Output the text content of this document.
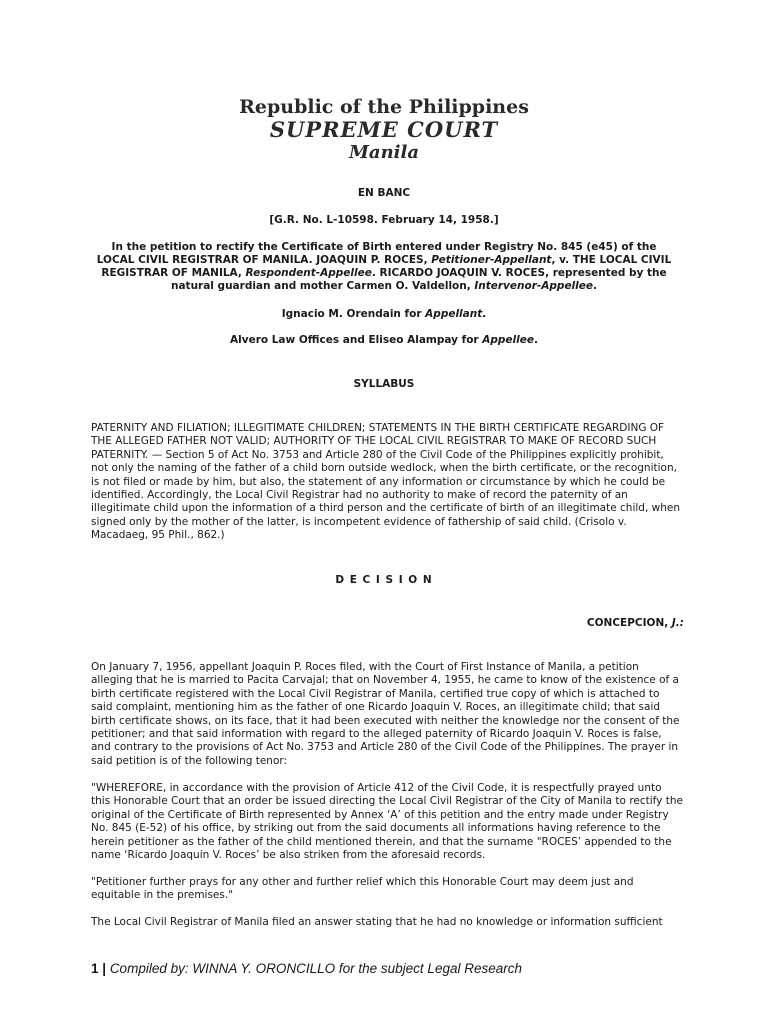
Republic of the Philippines
SUPREME COURT
Manila
EN BANC
[G.R. No. L-10598. February 14, 1958.]
In the petition to rectify the Certificate of Birth entered under Registry No. 845 (e45) of the LOCAL CIVIL REGISTRAR OF MANILA. JOAQUIN P. ROCES, Petitioner-Appellant, v. THE LOCAL CIVIL REGISTRAR OF MANILA, Respondent-Appellee. RICARDO JOAQUIN V. ROCES, represented by the natural guardian and mother Carmen O. Valdellon, Intervenor-Appellee.
Ignacio M. Orendain for Appellant.
Alvero Law Offices and Eliseo Alampay for Appellee.
SYLLABUS
PATERNITY AND FILIATION; ILLEGITIMATE CHILDREN; STATEMENTS IN THE BIRTH CERTIFICATE REGARDING OF THE ALLEGED FATHER NOT VALID; AUTHORITY OF THE LOCAL CIVIL REGISTRAR TO MAKE OF RECORD SUCH PATERNITY. — Section 5 of Act No. 3753 and Article 280 of the Civil Code of the Philippines explicitly prohibit, not only the naming of the father of a child born outside wedlock, when the birth certificate, or the recognition, is not filed or made by him, but also, the statement of any information or circumstance by which he could be identified. Accordingly, the Local Civil Registrar had no authority to make of record the paternity of an illegitimate child upon the information of a third person and the certificate of birth of an illegitimate child, when signed only by the mother of the latter, is incompetent evidence of fathership of said child. (Crisolo v. Macadaeg, 95 Phil., 862.)
D E C I S I O N
CONCEPCION, J.:
On January 7, 1956, appellant Joaquin P. Roces filed, with the Court of First Instance of Manila, a petition alleging that he is married to Pacita Carvajal; that on November 4, 1955, he came to know of the existence of a birth certificate registered with the Local Civil Registrar of Manila, certified true copy of which is attached to said complaint, mentioning him as the father of one Ricardo Joaquin V. Roces, an illegitimate child; that said birth certificate shows, on its face, that it had been executed with neither the knowledge nor the consent of the petitioner; and that said information with regard to the alleged paternity of Ricardo Joaquin V. Roces is false, and contrary to the provisions of Act No. 3753 and Article 280 of the Civil Code of the Philippines. The prayer in said petition is of the following tenor:
"WHEREFORE, in accordance with the provision of Article 412 of the Civil Code, it is respectfully prayed unto this Honorable Court that an order be issued directing the Local Civil Registrar of the City of Manila to rectify the original of the Certificate of Birth represented by Annex ‘A’ of this petition and the entry made under Registry No. 845 (E-52) of his office, by striking out from the said documents all informations having reference to the herein petitioner as the father of the child mentioned therein, and that the surname "ROCES’ appended to the name ‘Ricardo Joaquin V. Roces’ be also striken from the aforesaid records.
"Petitioner further prays for any other and further relief which this Honorable Court may deem just and equitable in the premises."
The Local Civil Registrar of Manila filed an answer stating that he had no knowledge or information sufficient
1 | Compiled by: WINNA Y. ORONCILLO for the subject Legal Research
